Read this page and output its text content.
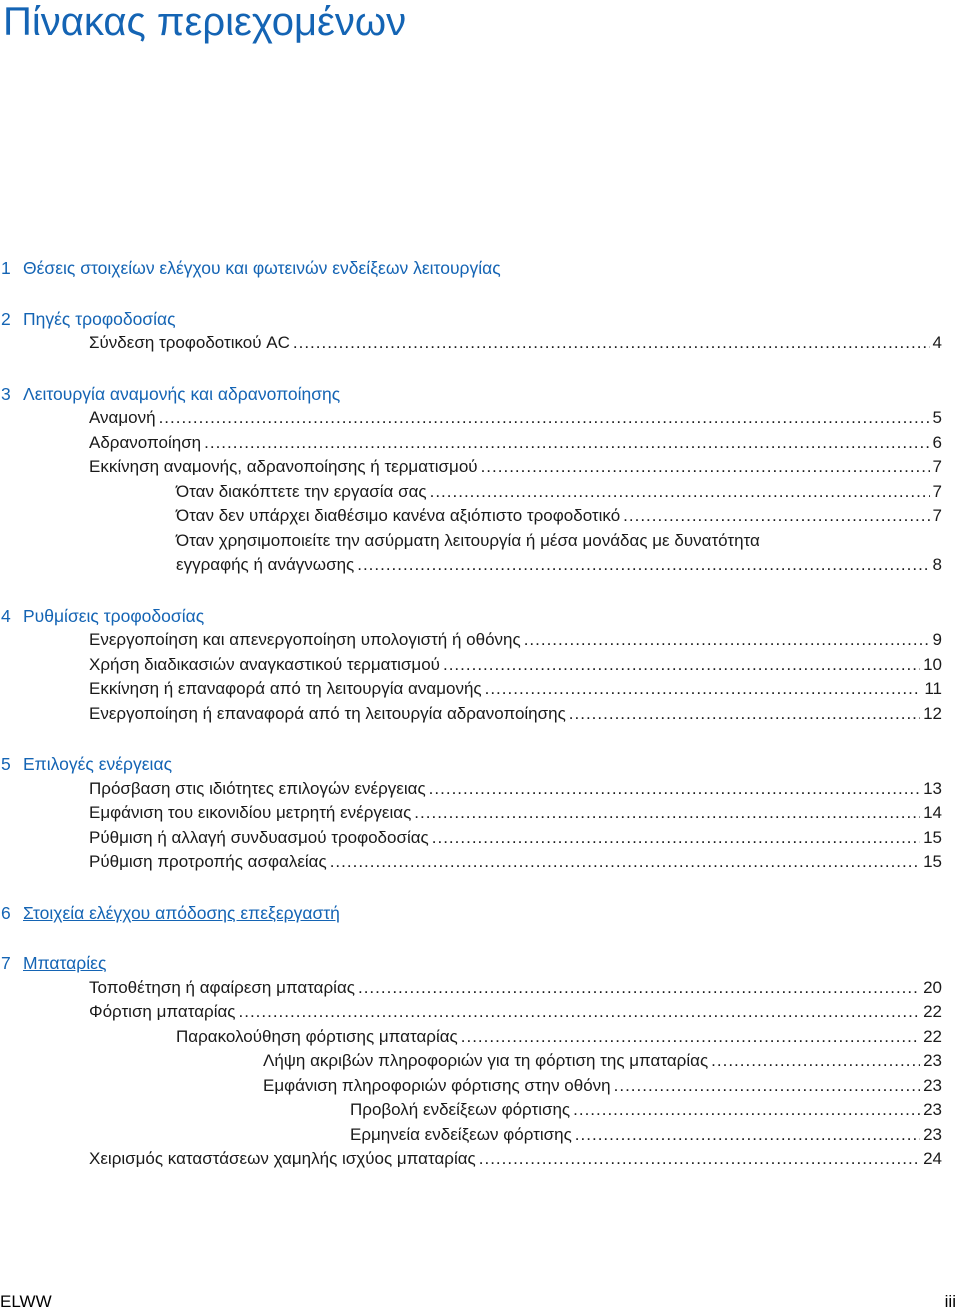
Πίνακας περιεχομένων
1 Θέσεις στοιχείων ελέγχου και φωτεινών ενδείξεων λειτουργίας
2 Πηγές τροφοδοσίας
Σύνδεση τροφοδοτικού AC .....	4
3 Λειτουργία αναμονής και αδρανοποίησης
Αναμονή .....	5
Αδρανοποίηση .....	6
Εκκίνηση αναμονής, αδρανοποίησης ή τερματισμού .....	7
Όταν διακόπτετε την εργασία σας .....	7
Όταν δεν υπάρχει διαθέσιμο κανένα αξιόπιστο τροφοδοτικό .....	7
Όταν χρησιμοποιείτε την ασύρματη λειτουργία ή μέσα μονάδας με δυνατότητα
εγγραφής ή ανάγνωσης .....	8
4 Ρυθμίσεις τροφοδοσίας
Ενεργοποίηση και απενεργοποίηση υπολογιστή ή οθόνης .....	9
Χρήση διαδικασιών αναγκαστικού τερματισμού .....	10
Εκκίνηση ή επαναφορά από τη λειτουργία αναμονής .....	11
Ενεργοποίηση ή επαναφορά από τη λειτουργία αδρανοποίησης .....	12
5 Επιλογές ενέργειας
Πρόσβαση στις ιδιότητες επιλογών ενέργειας .....	13
Εμφάνιση του εικονιδίου μετρητή ενέργειας .....	14
Ρύθμιση ή αλλαγή συνδυασμού τροφοδοσίας .....	15
Ρύθμιση προτροπής ασφαλείας .....	15
6 Στοιχεία ελέγχου απόδοσης επεξεργαστή
7 Μπαταρίες
Τοποθέτηση ή αφαίρεση μπαταρίας .....	20
Φόρτιση μπαταρίας .....	22
Παρακολούθηση φόρτισης μπαταρίας .....	22
Λήψη ακριβών πληροφοριών για τη φόρτιση της μπαταρίας .....	23
Εμφάνιση πληροφοριών φόρτισης στην οθόνη .....	23
Προβολή ενδείξεων φόρτισης .....	23
Ερμηνεία ενδείξεων φόρτισης .....	23
Χειρισμός καταστάσεων χαμηλής ισχύος μπαταρίας .....	24
ELWW	iii
